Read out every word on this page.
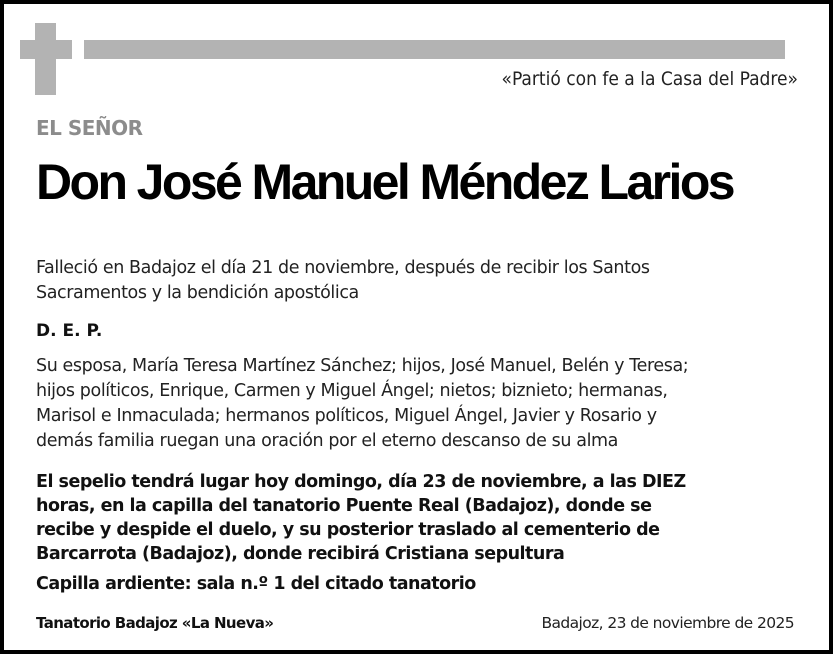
«Partió con fe a la Casa del Padre»
EL SEÑOR
Don José Manuel Méndez Larios
Falleció en Badajoz el día 21 de noviembre, después de recibir los Santos
Sacramentos y la bendición apostólica
D. E. P.
Su esposa, María Teresa Martínez Sánchez; hijos, José Manuel, Belén y Teresa;
hijos políticos, Enrique, Carmen y Miguel Ángel; nietos; biznieto; hermanas,
Marisol e Inmaculada; hermanos políticos, Miguel Ángel, Javier y Rosario y
demás familia ruegan una oración por el eterno descanso de su alma
El sepelio tendrá lugar hoy domingo, día 23 de noviembre, a las DIEZ
horas, en la capilla del tanatorio Puente Real (Badajoz), donde se
recibe y despide el duelo, y su posterior traslado al cementerio de
Barcarrota (Badajoz), donde recibirá Cristiana sepultura
Capilla ardiente: sala n.º 1 del citado tanatorio
Tanatorio Badajoz «La Nueva»	Badajoz, 23 de noviembre de 2025
